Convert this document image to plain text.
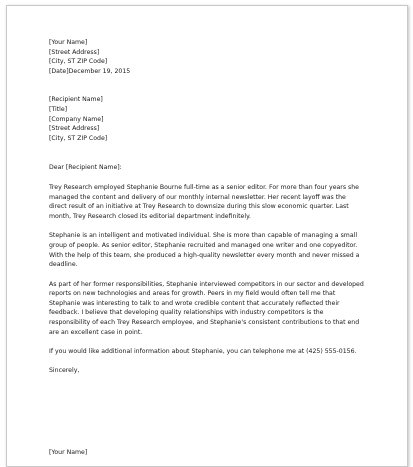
[Your Name]
[Street Address]
[City, ST ZIP Code]
[Date]December 19, 2015
[Recipient Name]
[Title]
[Company Name]
[Street Address]
[City, ST ZIP Code]

Dear [Recipient Name]:

Trey Research employed Stephanie Bourne full-time as a senior editor. For more than four years she managed the content and delivery of our monthly internal newsletter. Her recent layoff was the direct result of an initiative at Trey Research to downsize during this slow economic quarter. Last month, Trey Research closed its editorial department indefinitely.

Stephanie is an intelligent and motivated individual. She is more than capable of managing a small group of people. As senior editor, Stephanie recruited and managed one writer and one copyeditor. With the help of this team, she produced a high-quality newsletter every month and never missed a deadline.

As part of her former responsibilities, Stephanie interviewed competitors in our sector and developed reports on new technologies and areas for growth. Peers in my field would often tell me that Stephanie was interesting to talk to and wrote credible content that accurately reflected their feedback. I believe that developing quality relationships with industry competitors is the responsibility of each Trey Research employee, and Stephanie's consistent contributions to that end are an excellent case in point.

If you would like additional information about Stephanie, you can telephone me at (425) 555-0156.

Sincerely,

[Your Name]
